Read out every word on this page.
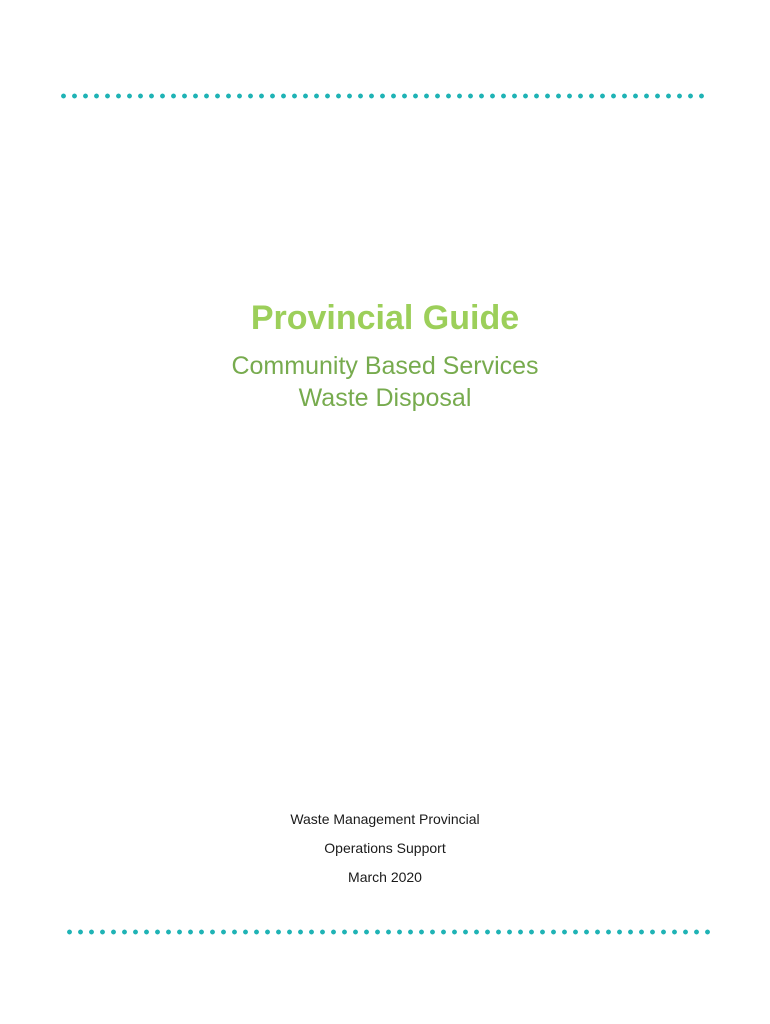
Provincial Guide

Community Based Services

Waste Disposal

Waste Management Provincial

Operations Support

March 2020
